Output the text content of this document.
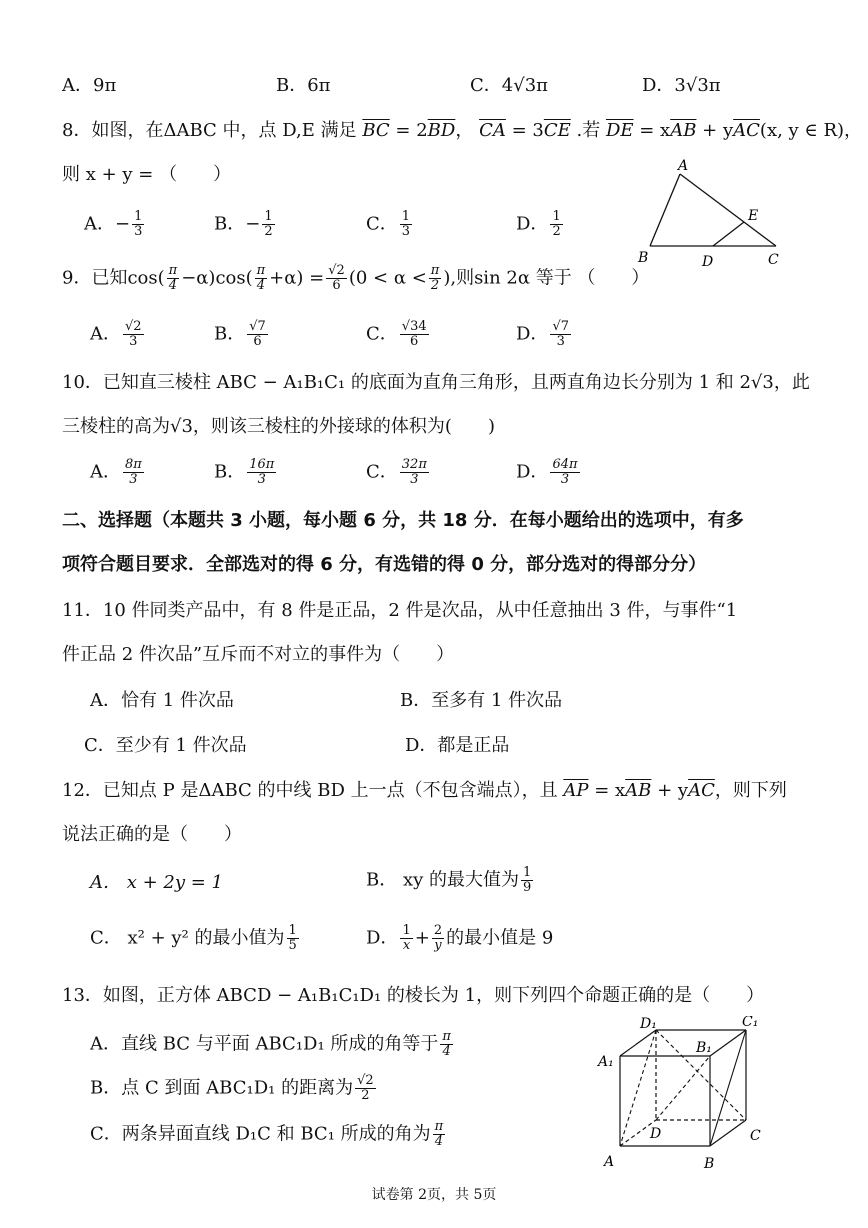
A．9π	B．6π	C．4√3π	D．3√3π
8．如图，在ΔABC 中，点 D,E 满足 $\overline{BC} = 2\overline{BD}$， $\overline{CA} = 3\overline{CE}$ .若 $\overline{DE} = x\overline{AB} + y\overline{AC}(x$, y ∈ R)，
则 x + y = （　　）
A．− $\frac{1}{3}$	B．− $\frac{1}{2}$	C． $\frac{1}{3}$	D． $\frac{1}{2}$
A
B	C
D
E
9．已知$\cos( \frac{\pi}{4} -\alpha)\cos( \frac{\pi}{4} +\alpha) = \frac{√2}{6} (0 < \alpha < \frac{\pi}{2}$ ),则sin 2α 等于 （　　）
A． $\frac{√2}{3}$	B． $\frac{√7}{6}$	C． $\frac{√34}{6}$	D． $\frac{√7}{3}$
10．已知直三棱柱 ABC − A₁B₁C₁ 的底面为直角三角形，且两直角边长分别为 1 和 2√3，此
三棱柱的高为√3，则该三棱柱的外接球的体积为(　　)
A． $\frac{8\pi}{3}$	B． $\frac{16\pi}{3}$	C． $\frac{32\pi}{3}$	D． $\frac{64\pi}{3}$
二、选择题（本题共 3 小题，每小题 6 分，共 18 分．在每小题给出的选项中，有多
项符合题目要求．全部选对的得 6 分，有选错的得 0 分，部分选对的得部分分）
11．10 件同类产品中，有 8 件是正品，2 件是次品，从中任意抽出 3 件，与事件“1
件正品 2 件次品”互斥而不对立的事件为（　　）
A．恰有 1 件次品	B．至多有 1 件次品
C．至少有 1 件次品	D．都是正品
12．已知点 P 是ΔABC 的中线 BD 上一点（不包含端点），且 $\overline{AP} = x\overline{AB} + y\overline{AC}$，则下列
说法正确的是（　　）
A． x + 2y = 1	B． xy 的最大值为 $\frac{1}{9}$
C． x² + y² 的最小值为 $\frac{1}{5}$	D． $\frac{1}{x} + \frac{2}{y}$ 的最小值是 9
13．如图，正方体 ABCD − A₁B₁C₁D₁ 的棱长为 1，则下列四个命题正确的是（　　）
A．直线 BC 与平面 ABC₁D₁ 所成的角等于 $\frac{\pi}{4}$
B．点 C 到面 ABC₁D₁ 的距离为 $\frac{√2}{2}$
C．两条异面直线 D₁C 和 BC₁ 所成的角为 $\frac{\pi}{4}$
D₁	C₁
B₁
A₁
D	C
A	B
试卷第 2页，共 5页
